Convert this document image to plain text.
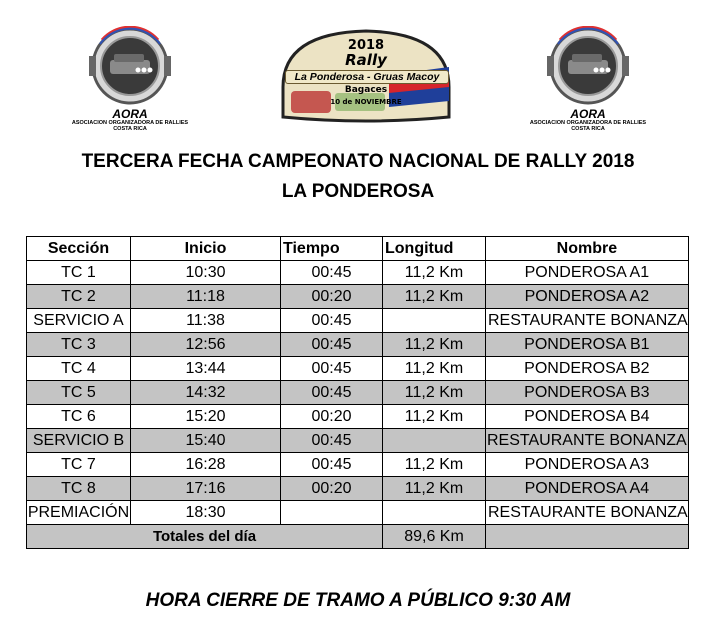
AORA
ASOCIACION ORGANIZADORA DE RALLIES
COSTA RICA
2018
Rally
La Ponderosa - Gruas Macoy
Bagaces
10 de NOVIEMBRE
AORA
ASOCIACION ORGANIZADORA DE RALLIES
COSTA RICA
TERCERA FECHA CAMPEONATO NACIONAL DE RALLY 2018
LA PONDEROSA
Sección	Inicio	Tiempo	Longitud	Nombre
TC 1	10:30	00:45	11,2 Km	PONDEROSA A1
TC 2	11:18	00:20	11,2 Km	PONDEROSA A2
SERVICIO A	11:38	00:45		RESTAURANTE BONANZA
TC 3	12:56	00:45	11,2 Km	PONDEROSA B1
TC 4	13:44	00:45	11,2 Km	PONDEROSA B2
TC 5	14:32	00:45	11,2 Km	PONDEROSA B3
TC 6	15:20	00:20	11,2 Km	PONDEROSA B4
SERVICIO B	15:40	00:45		RESTAURANTE BONANZA
TC 7	16:28	00:45	11,2 Km	PONDEROSA A3
TC 8	17:16	00:20	11,2 Km	PONDEROSA A4
PREMIACIÓN	18:30			RESTAURANTE BONANZA
Totales del día			89,6 Km	
HORA CIERRE DE TRAMO A PÚBLICO 9:30 AM
